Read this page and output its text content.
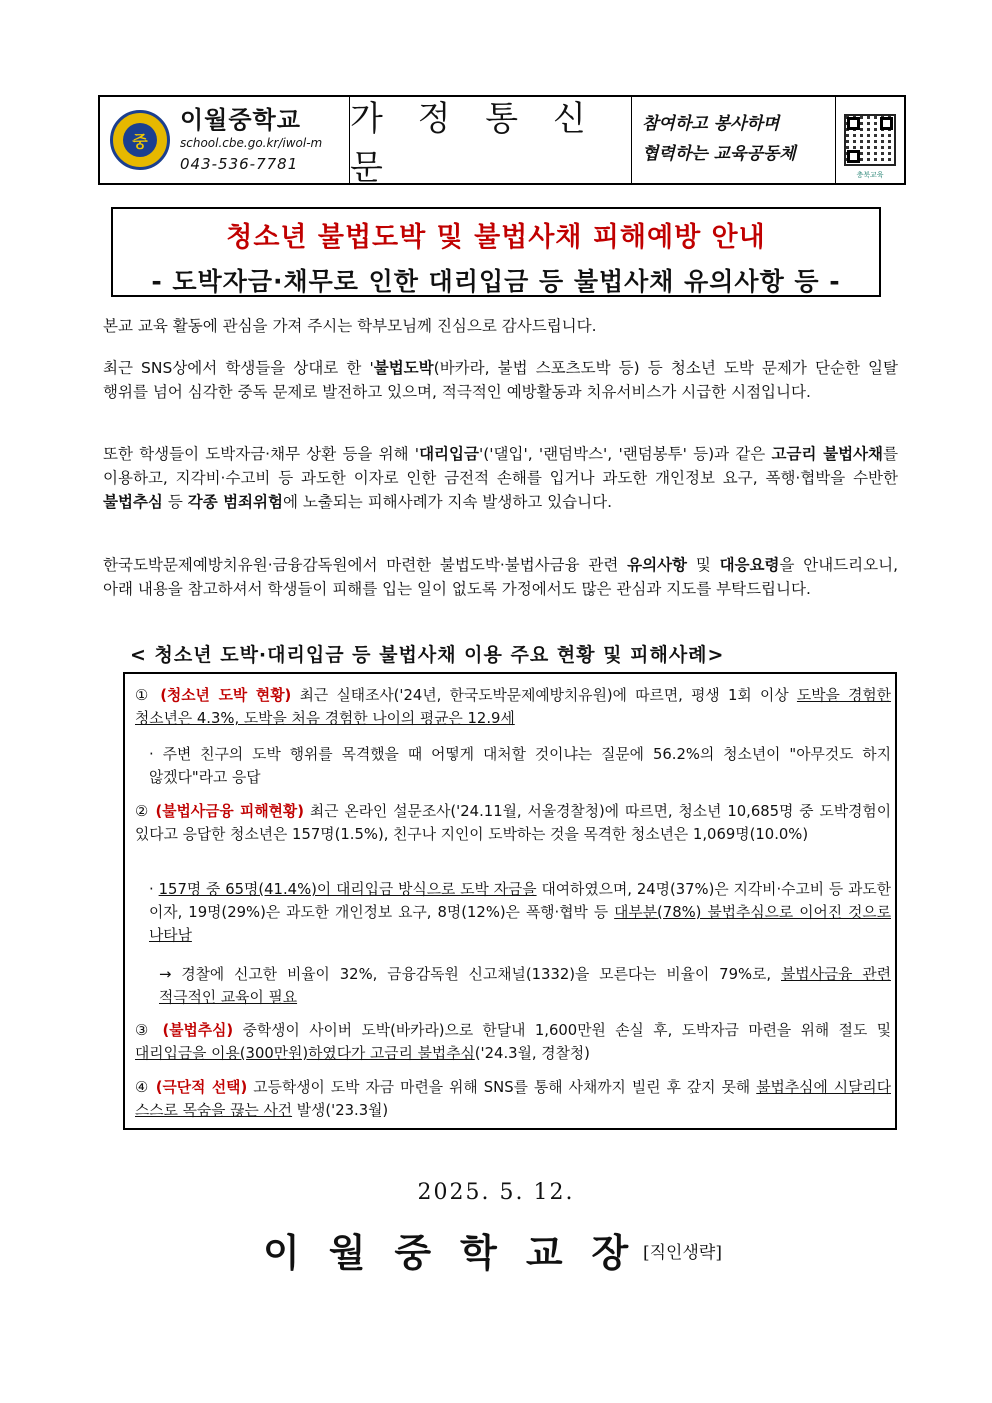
중
이월중학교
school.cbe.go.kr/iwol-m
043-536-7781
가 정 통 신 문
참여하고 봉사하며
협력하는 교육공동체
충북교육
청소년 불법도박 및 불법사채 피해예방 안내
- 도박자금·채무로 인한 대리입금 등 불법사채 유의사항 등 -
본교 교육 활동에 관심을 가져 주시는 학부모님께 진심으로 감사드립니다.
최근 SNS상에서 학생들을 상대로 한 '불법도박(바카라, 불법 스포츠도박 등) 등 청소년 도박 문제가 단순한 일탈 행위를 넘어 심각한 중독 문제로 발전하고 있으며, 적극적인 예방활동과 치유서비스가 시급한 시점입니다.
또한 학생들이 도박자금·채무 상환 등을 위해 '대리입금'('댈입', '랜덤박스', '랜덤봉투' 등)과 같은 고금리 불법사채를 이용하고, 지각비·수고비 등 과도한 이자로 인한 금전적 손해를 입거나 과도한 개인정보 요구, 폭행·협박을 수반한 불법추심 등 각종 범죄위험에 노출되는 피해사례가 지속 발생하고 있습니다.
한국도박문제예방치유원·금융감독원에서 마련한 불법도박·불법사금융 관련 유의사항 및 대응요령을 안내드리오니, 아래 내용을 참고하셔서 학생들이 피해를 입는 일이 없도록 가정에서도 많은 관심과 지도를 부탁드립니다.
< 청소년 도박·대리입금 등 불법사채 이용 주요 현황 및 피해사례>
① (청소년 도박 현황) 최근 실태조사('24년, 한국도박문제예방치유원)에 따르면, 평생 1회 이상 도박을 경험한 청소년은 4.3%, 도박을 처음 경험한 나이의 평균은 12.9세
· 주변 친구의 도박 행위를 목격했을 때 어떻게 대처할 것이냐는 질문에 56.2%의 청소년이 "아무것도 하지 않겠다"라고 응답
② (불법사금융 피해현황) 최근 온라인 설문조사('24.11월, 서울경찰청)에 따르면, 청소년 10,685명 중 도박경험이 있다고 응답한 청소년은 157명(1.5%), 친구나 지인이 도박하는 것을 목격한 청소년은 1,069명(10.0%)
· 157명 중 65명(41.4%)이 대리입금 방식으로 도박 자금을 대여하였으며, 24명(37%)은 지각비·수고비 등 과도한 이자, 19명(29%)은 과도한 개인정보 요구, 8명(12%)은 폭행·협박 등 대부분(78%) 불법추심으로 이어진 것으로 나타남
→ 경찰에 신고한 비율이 32%, 금융감독원 신고채널(1332)을 모른다는 비율이 79%로, 불법사금융 관련 적극적인 교육이 필요
③ (불법추심) 중학생이 사이버 도박(바카라)으로 한달내 1,600만원 손실 후, 도박자금 마련을 위해 절도 및 대리입금을 이용(300만원)하였다가 고금리 불법추심('24.3월, 경찰청)
④ (극단적 선택) 고등학생이 도박 자금 마련을 위해 SNS를 통해 사채까지 빌린 후 갚지 못해 불법추심에 시달리다 스스로 목숨을 끊는 사건 발생('23.3월)
2025. 5. 12.
이월중학교장
[직인생략]
